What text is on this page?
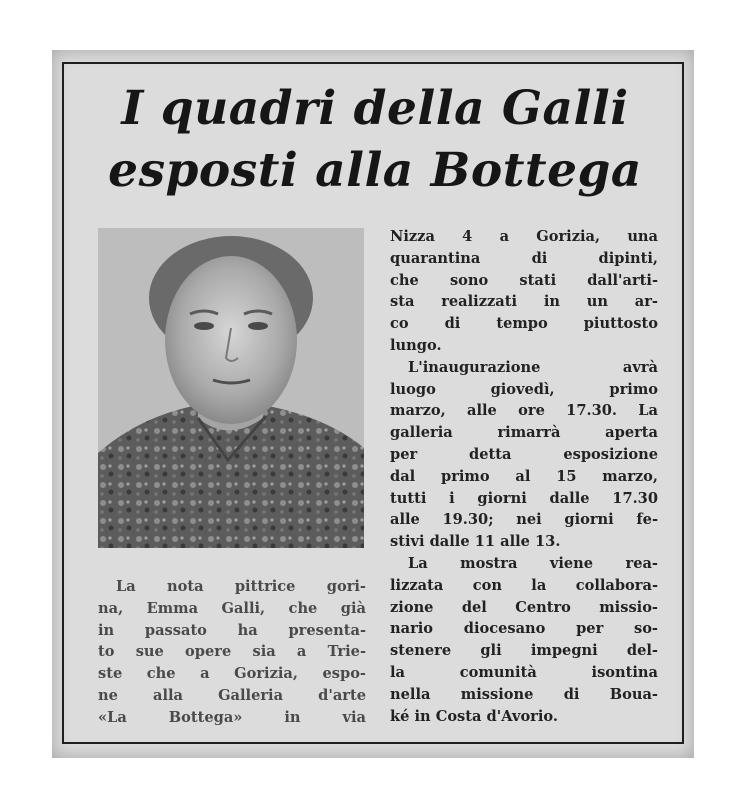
I quadri della Galli
esposti alla Bottega
La nota pittrice gori-
na, Emma Galli, che già
in passato ha presenta-
to sue opere sia a Trie-
ste che a Gorizia, espo-
ne alla Galleria d'arte
«La Bottega» in via
Nizza 4 a Gorizia, una
quarantina di dipinti,
che sono stati dall'arti-
sta realizzati in un ar-
co di tempo piuttosto
lungo.
L'inaugurazione avrà
luogo giovedì, primo
marzo, alle ore 17.30. La
galleria rimarrà aperta
per detta esposizione
dal primo al 15 marzo,
tutti i giorni dalle 17.30
alle 19.30; nei giorni fe-
stivi dalle 11 alle 13.
La mostra viene rea-
lizzata con la collabora-
zione del Centro missio-
nario diocesano per so-
stenere gli impegni del-
la comunità isontina
nella missione di Boua-
ké in Costa d'Avorio.
